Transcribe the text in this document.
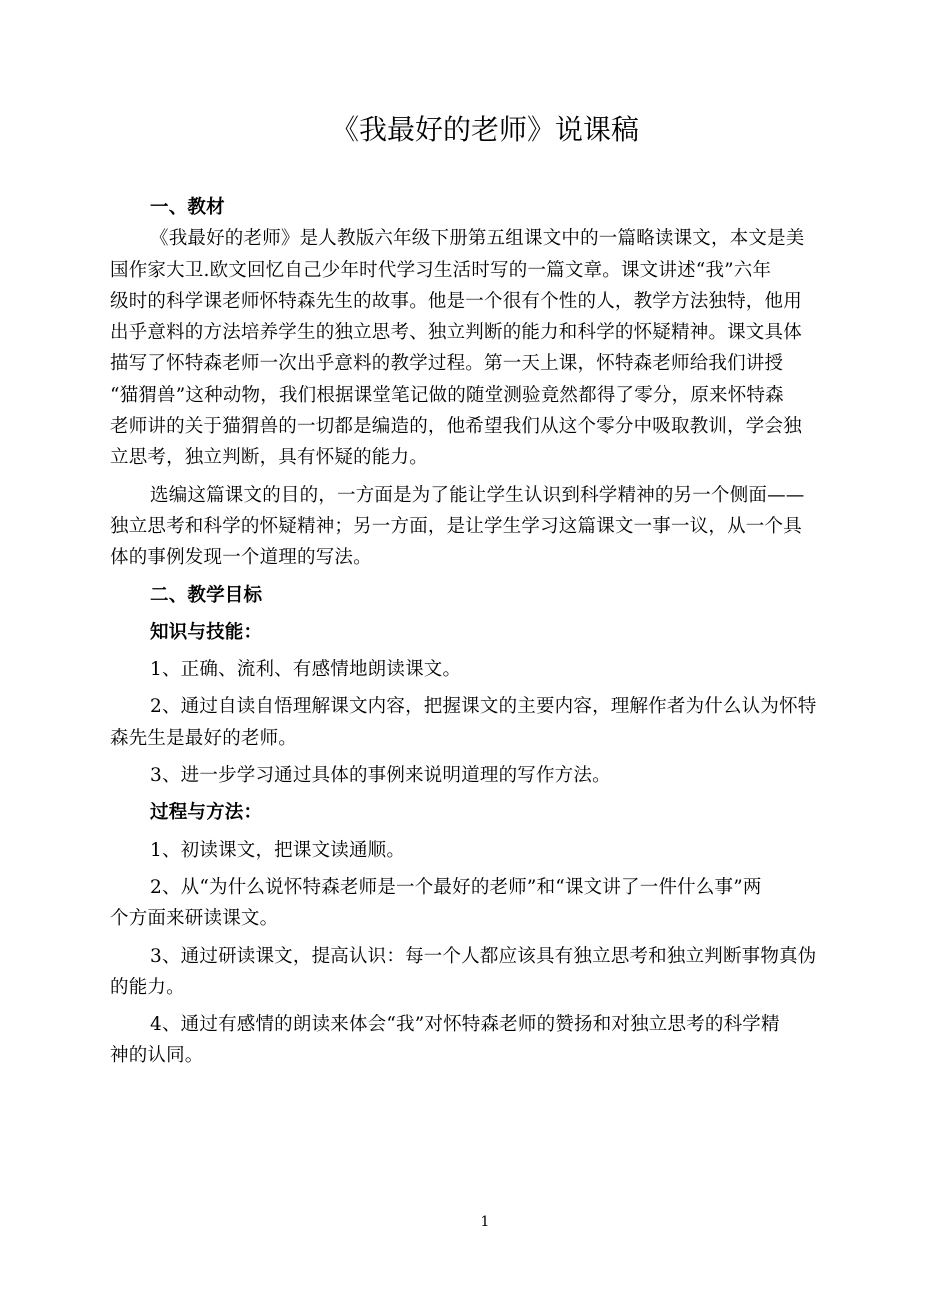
《我最好的老师》说课稿
一、教材
《我最好的老师》是人教版六年级下册第五组课文中的一篇略读课文，本文是美
国作家大卫.欧文回忆自己少年时代学习生活时写的一篇文章。课文讲述“我”六年
级时的科学课老师怀特森先生的故事。他是一个很有个性的人，教学方法独特，他用
出乎意料的方法培养学生的独立思考、独立判断的能力和科学的怀疑精神。课文具体
描写了怀特森老师一次出乎意料的教学过程。第一天上课，怀特森老师给我们讲授
“猫猬兽”这种动物，我们根据课堂笔记做的随堂测验竟然都得了零分，原来怀特森
老师讲的关于猫猬兽的一切都是编造的，他希望我们从这个零分中吸取教训，学会独
立思考，独立判断，具有怀疑的能力。
选编这篇课文的目的，一方面是为了能让学生认识到科学精神的另一个侧面——
独立思考和科学的怀疑精神；另一方面，是让学生学习这篇课文一事一议，从一个具
体的事例发现一个道理的写法。
二、教学目标
知识与技能：
1、正确、流利、有感情地朗读课文。
2、通过自读自悟理解课文内容，把握课文的主要内容，理解作者为什么认为怀特
森先生是最好的老师。
3、进一步学习通过具体的事例来说明道理的写作方法。
过程与方法：
1、初读课文，把课文读通顺。
2、从“为什么说怀特森老师是一个最好的老师”和“课文讲了一件什么事”两
个方面来研读课文。
3、通过研读课文，提高认识：每一个人都应该具有独立思考和独立判断事物真伪
的能力。
4、通过有感情的朗读来体会“我”对怀特森老师的赞扬和对独立思考的科学精
神的认同。
1
